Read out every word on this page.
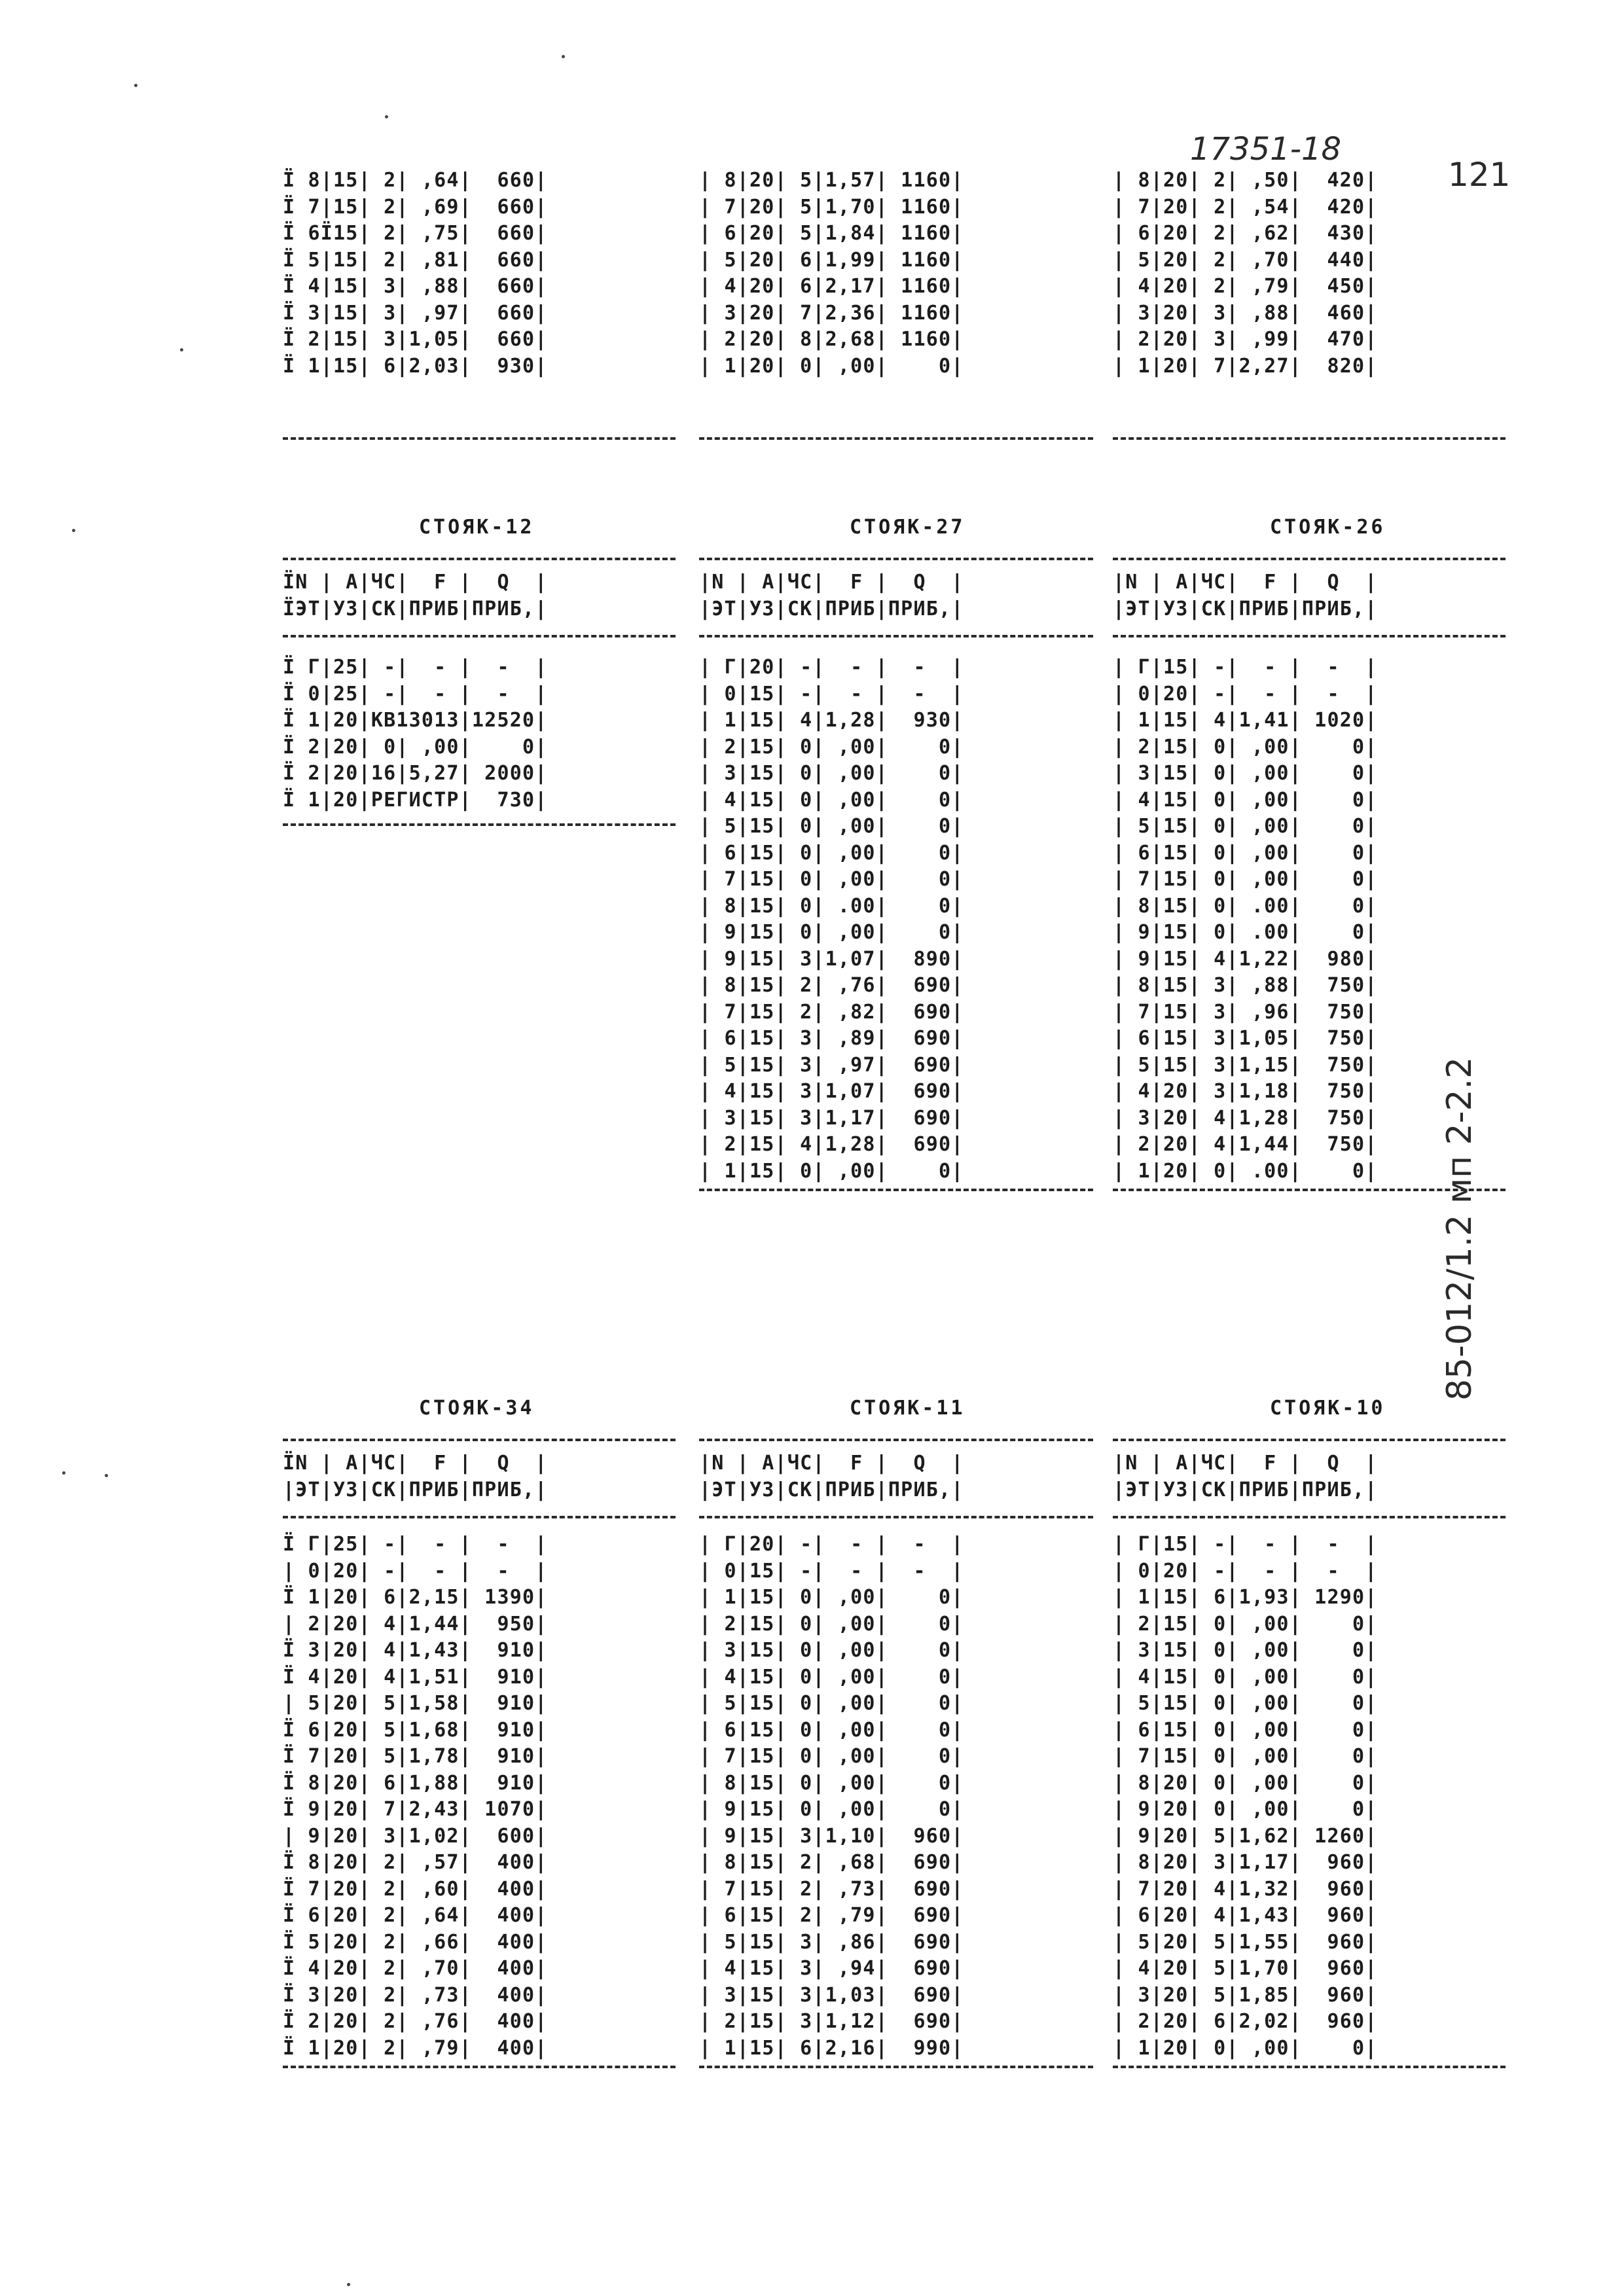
17351-18
121
85-012/1.2 мп 2-2.2
Ї 8|15| 2| ,64|  660|
Ї 7|15| 2| ,69|  660|
Ї 6Ї15| 2| ,75|  660|
Ї 5|15| 2| ,81|  660|
Ї 4|15| 3| ,88|  660|
Ї 3|15| 3| ,97|  660|
Ї 2|15| 3|1,05|  660|
Ї 1|15| 6|2,03|  930|
| 8|20| 5|1,57| 1160|
| 7|20| 5|1,70| 1160|
| 6|20| 5|1,84| 1160|
| 5|20| 6|1,99| 1160|
| 4|20| 6|2,17| 1160|
| 3|20| 7|2,36| 1160|
| 2|20| 8|2,68| 1160|
| 1|20| 0| ,00|    0|
| 8|20| 2| ,50|  420|
| 7|20| 2| ,54|  420|
| 6|20| 2| ,62|  430|
| 5|20| 2| ,70|  440|
| 4|20| 2| ,79|  450|
| 3|20| 3| ,88|  460|
| 2|20| 3| ,99|  470|
| 1|20| 7|2,27|  820|
СТОЯК-12	СТОЯК-27	СТОЯК-26
ЇN | А|ЧС|  F |  Q  |
ЇЭТ|УЗ|СК|ПРИБ|ПРИБ,|
|N | А|ЧС|  F |  Q  |
|ЭТ|УЗ|СК|ПРИБ|ПРИБ,|
|N | А|ЧС|  F |  Q  |
|ЭТ|УЗ|СК|ПРИБ|ПРИБ,|
Ї Г|25| -|  - |  -  |
Ї 0|25| -|  - |  -  |
Ї 1|20|КВ13013|12520|
Ї 2|20| 0| ,00|    0|
Ї 2|20|16|5,27| 2000|
Ї 1|20|РЕГИСТР|  730|
| Г|20| -|  - |  -  |
| 0|15| -|  - |  -  |
| 1|15| 4|1,28|  930|
| 2|15| 0| ,00|    0|
| 3|15| 0| ,00|    0|
| 4|15| 0| ,00|    0|
| 5|15| 0| ,00|    0|
| 6|15| 0| ,00|    0|
| 7|15| 0| ,00|    0|
| 8|15| 0| .00|    0|
| 9|15| 0| ,00|    0|
| 9|15| 3|1,07|  890|
| 8|15| 2| ,76|  690|
| 7|15| 2| ,82|  690|
| 6|15| 3| ,89|  690|
| 5|15| 3| ,97|  690|
| 4|15| 3|1,07|  690|
| 3|15| 3|1,17|  690|
| 2|15| 4|1,28|  690|
| 1|15| 0| ,00|    0|
| Г|15| -|  - |  -  |
| 0|20| -|  - |  -  |
| 1|15| 4|1,41| 1020|
| 2|15| 0| ,00|    0|
| 3|15| 0| ,00|    0|
| 4|15| 0| ,00|    0|
| 5|15| 0| ,00|    0|
| 6|15| 0| ,00|    0|
| 7|15| 0| ,00|    0|
| 8|15| 0| .00|    0|
| 9|15| 0| .00|    0|
| 9|15| 4|1,22|  980|
| 8|15| 3| ,88|  750|
| 7|15| 3| ,96|  750|
| 6|15| 3|1,05|  750|
| 5|15| 3|1,15|  750|
| 4|20| 3|1,18|  750|
| 3|20| 4|1,28|  750|
| 2|20| 4|1,44|  750|
| 1|20| 0| .00|    0|
СТОЯК-34	СТОЯК-11	СТОЯК-10
ЇN | А|ЧС|  F |  Q  |
|ЭТ|УЗ|СК|ПРИБ|ПРИБ,|
|N | А|ЧС|  F |  Q  |
|ЭТ|УЗ|СК|ПРИБ|ПРИБ,|
|N | А|ЧС|  F |  Q  |
|ЭТ|УЗ|СК|ПРИБ|ПРИБ,|
Ї Г|25| -|  - |  -  |
| 0|20| -|  - |  -  |
Ї 1|20| 6|2,15| 1390|
| 2|20| 4|1,44|  950|
Ї 3|20| 4|1,43|  910|
Ї 4|20| 4|1,51|  910|
| 5|20| 5|1,58|  910|
Ї 6|20| 5|1,68|  910|
Ї 7|20| 5|1,78|  910|
Ї 8|20| 6|1,88|  910|
Ї 9|20| 7|2,43| 1070|
| 9|20| 3|1,02|  600|
Ї 8|20| 2| ,57|  400|
Ї 7|20| 2| ,60|  400|
Ї 6|20| 2| ,64|  400|
Ї 5|20| 2| ,66|  400|
Ї 4|20| 2| ,70|  400|
Ї 3|20| 2| ,73|  400|
Ї 2|20| 2| ,76|  400|
Ї 1|20| 2| ,79|  400|
| Г|20| -|  - |  -  |
| 0|15| -|  - |  -  |
| 1|15| 0| ,00|    0|
| 2|15| 0| ,00|    0|
| 3|15| 0| ,00|    0|
| 4|15| 0| ,00|    0|
| 5|15| 0| ,00|    0|
| 6|15| 0| ,00|    0|
| 7|15| 0| ,00|    0|
| 8|15| 0| ,00|    0|
| 9|15| 0| ,00|    0|
| 9|15| 3|1,10|  960|
| 8|15| 2| ,68|  690|
| 7|15| 2| ,73|  690|
| 6|15| 2| ,79|  690|
| 5|15| 3| ,86|  690|
| 4|15| 3| ,94|  690|
| 3|15| 3|1,03|  690|
| 2|15| 3|1,12|  690|
| 1|15| 6|2,16|  990|
| Г|15| -|  - |  -  |
| 0|20| -|  - |  -  |
| 1|15| 6|1,93| 1290|
| 2|15| 0| ,00|    0|
| 3|15| 0| ,00|    0|
| 4|15| 0| ,00|    0|
| 5|15| 0| ,00|    0|
| 6|15| 0| ,00|    0|
| 7|15| 0| ,00|    0|
| 8|20| 0| ,00|    0|
| 9|20| 0| ,00|    0|
| 9|20| 5|1,62| 1260|
| 8|20| 3|1,17|  960|
| 7|20| 4|1,32|  960|
| 6|20| 4|1,43|  960|
| 5|20| 5|1,55|  960|
| 4|20| 5|1,70|  960|
| 3|20| 5|1,85|  960|
| 2|20| 6|2,02|  960|
| 1|20| 0| ,00|    0|
